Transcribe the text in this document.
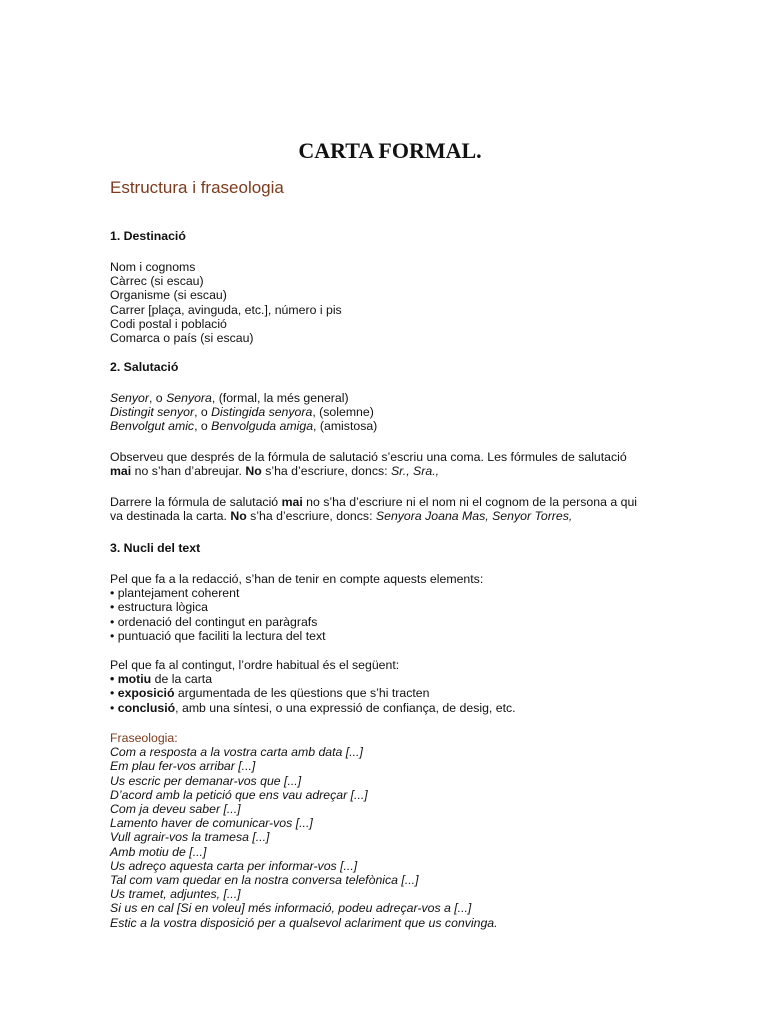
CARTA FORMAL.
Estructura i fraseologia

1. Destinació

Nom i cognoms

Càrrec (si escau)

Organisme (si escau)

Carrer [plaça, avinguda, etc.], número i pis

Codi postal i població

Comarca o país (si escau)

2. Salutació

Senyor, o Senyora, (formal, la més general)

Distingit senyor, o Distingida senyora, (solemne)

Benvolgut amic, o Benvolguda amiga, (amistosa)

Observeu que després de la fórmula de salutació s’escriu una coma. Les fórmules de salutació mai no s’han d’abreujar. No s’ha d’escriure, doncs: Sr., Sra.,

Darrere la fórmula de salutació mai no s’ha d’escriure ni el nom ni el cognom de la persona a qui va destinada la carta. No s’ha d’escriure, doncs: Senyora Joana Mas, Senyor Torres,

3. Nucli del text

Pel que fa a la redacció, s’han de tenir en compte aquests elements:

• plantejament coherent

• estructura lògica

• ordenació del contingut en paràgrafs

• puntuació que faciliti la lectura del text

Pel que fa al contingut, l’ordre habitual és el següent:

• motiu de la carta

• exposició argumentada de les qüestions que s’hi tracten

• conclusió, amb una síntesi, o una expressió de confiança, de desig, etc.

Fraseologia:

Com a resposta a la vostra carta amb data [...]

Em plau fer-vos arribar [...]

Us escric per demanar-vos que [...]

D’acord amb la petició que ens vau adreçar [...]

Com ja deveu saber [...]

Lamento haver de comunicar-vos [...]

Vull agrair-vos la tramesa [...]

Amb motiu de [...]

Us adreço aquesta carta per informar-vos [...]

Tal com vam quedar en la nostra conversa telefònica [...]

Us tramet, adjuntes, [...]

Si us en cal [Si en voleu] més informació, podeu adreçar-vos a [...]

Estic a la vostra disposició per a qualsevol aclariment que us convinga.
